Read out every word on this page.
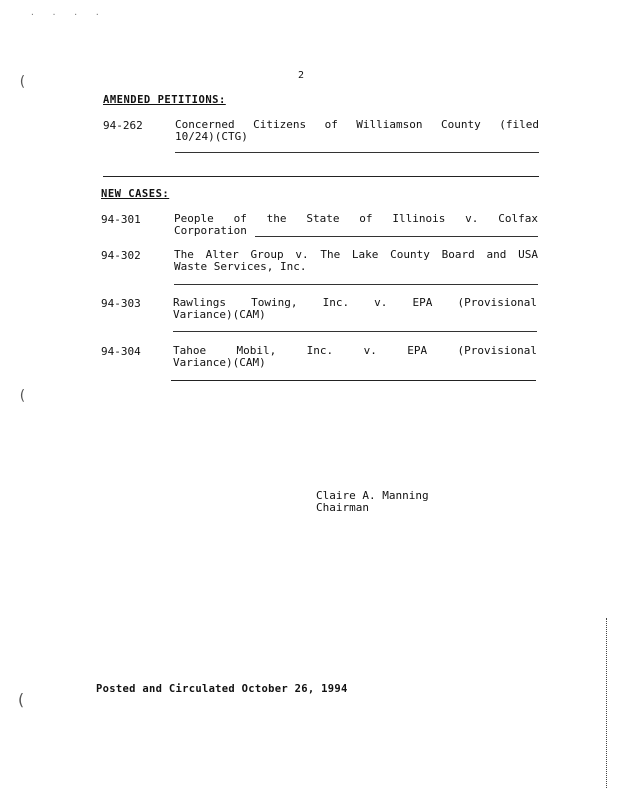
. . . .
(
(
(
2
AMENDED PETITIONS:
94-262	Concerned Citizens of Williamson County (filed
10/24)(CTG)
NEW CASES:
94-301	People of the State of Illinois v. Colfax
Corporation
94-302	The Alter Group v. The Lake County Board and USA
Waste Services, Inc.
94-303	Rawlings Towing, Inc. v. EPA (Provisional
Variance)(CAM)
94-304	Tahoe Mobil, Inc. v. EPA (Provisional
Variance)(CAM)
Claire A. Manning
Chairman
Posted and Circulated October 26, 1994
